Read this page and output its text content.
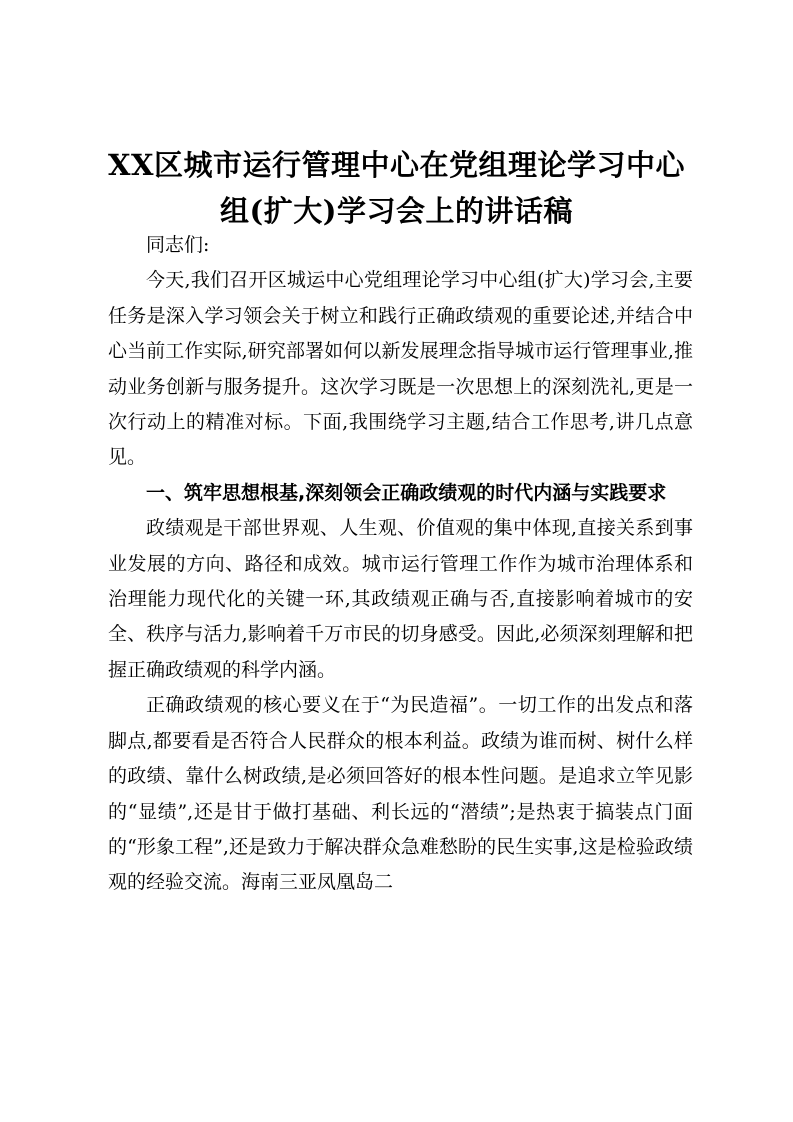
XX区城市运行管理中心在党组理论学习中心
组(扩大)学习会上的讲话稿

同志们:

今天,我们召开区城运中心党组理论学习中心组(扩大)学习会,主要任务是深入学习领会关于树立和践行正确政绩观的重要论述,并结合中心当前工作实际,研究部署如何以新发展理念指导城市运行管理事业,推动业务创新与服务提升。这次学习既是一次思想上的深刻洗礼,更是一次行动上的精准对标。下面,我围绕学习主题,结合工作思考,讲几点意见。

一、筑牢思想根基,深刻领会正确政绩观的时代内涵与实践要求

政绩观是干部世界观、人生观、价值观的集中体现,直接关系到事业发展的方向、路径和成效。城市运行管理工作作为城市治理体系和治理能力现代化的关键一环,其政绩观正确与否,直接影响着城市的安全、秩序与活力,影响着千万市民的切身感受。因此,必须深刻理解和把握正确政绩观的科学内涵。

正确政绩观的核心要义在于“为民造福”。一切工作的出发点和落脚点,都要看是否符合人民群众的根本利益。政绩为谁而树、树什么样的政绩、靠什么树政绩,是必须回答好的根本性问题。是追求立竿见影的“显绩”,还是甘于做打基础、利长远的“潜绩”;是热衷于搞装点门面的“形象工程”,还是致力于解决群众急难愁盼的民生实事,这是检验政绩观的经验交流。海南三亚凤凰岛二
